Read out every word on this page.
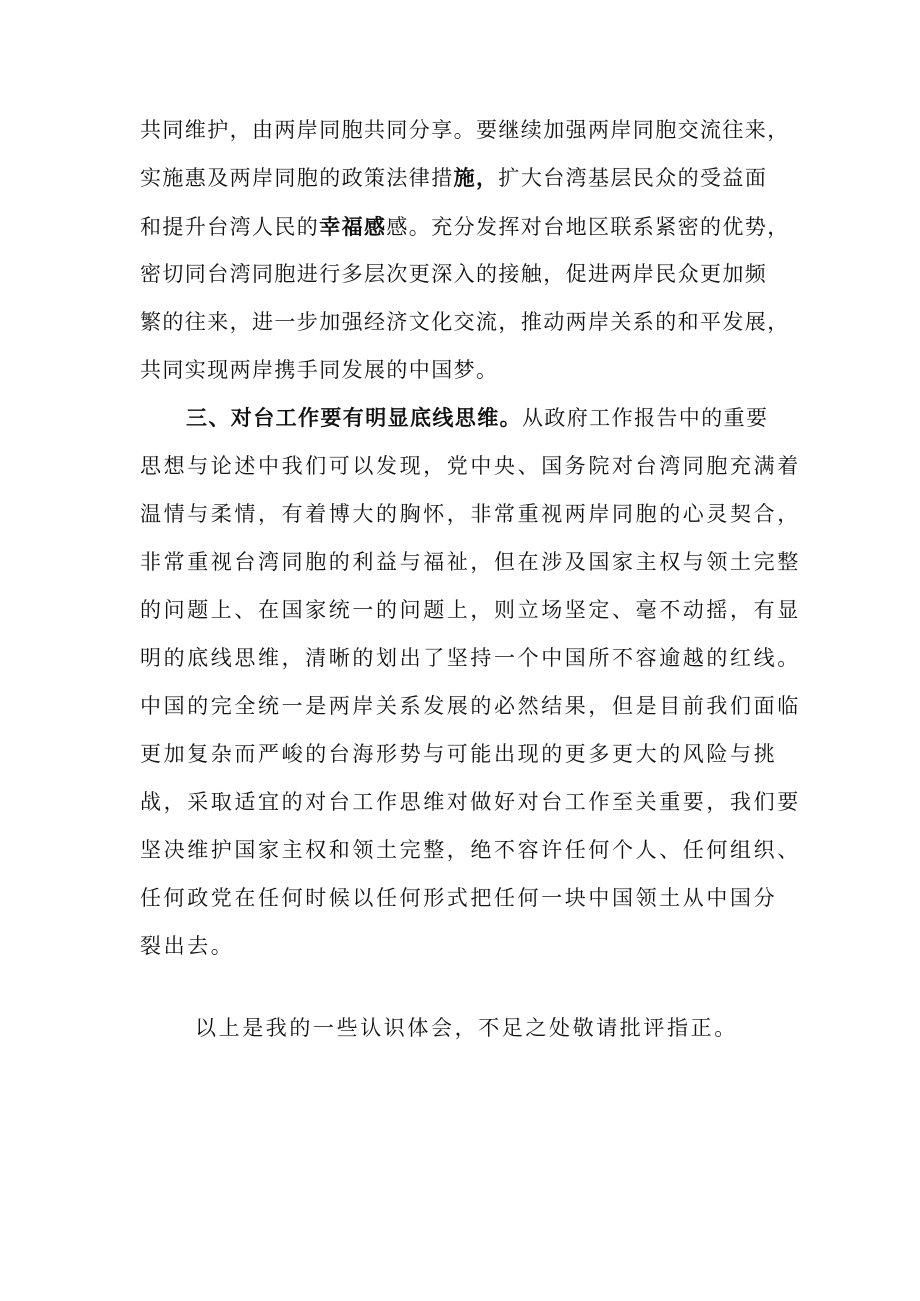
共同维护，由两岸同胞共同分享。要继续加强两岸同胞交流往来，
实施惠及两岸同胞的政策法律措施，扩大台湾基层民众的受益面
和提升台湾人民的幸福感感。充分发挥对台地区联系紧密的优势，
密切同台湾同胞进行多层次更深入的接触，促进两岸民众更加频
繁的往来，进一步加强经济文化交流，推动两岸关系的和平发展，
共同实现两岸携手同发展的中国梦。
三、对台工作要有明显底线思维。从政府工作报告中的重要
思想与论述中我们可以发现，党中央、国务院对台湾同胞充满着
温情与柔情，有着博大的胸怀，非常重视两岸同胞的心灵契合，
非常重视台湾同胞的利益与福祉，但在涉及国家主权与领土完整
的问题上、在国家统一的问题上，则立场坚定、毫不动摇，有显
明的底线思维，清晰的划出了坚持一个中国所不容逾越的红线。
中国的完全统一是两岸关系发展的必然结果，但是目前我们面临
更加复杂而严峻的台海形势与可能出现的更多更大的风险与挑
战，采取适宜的对台工作思维对做好对台工作至关重要，我们要
坚决维护国家主权和领土完整，绝不容许任何个人、任何组织、
任何政党在任何时候以任何形式把任何一块中国领土从中国分
裂出去。
以上是我的一些认识体会，不足之处敬请批评指正。
